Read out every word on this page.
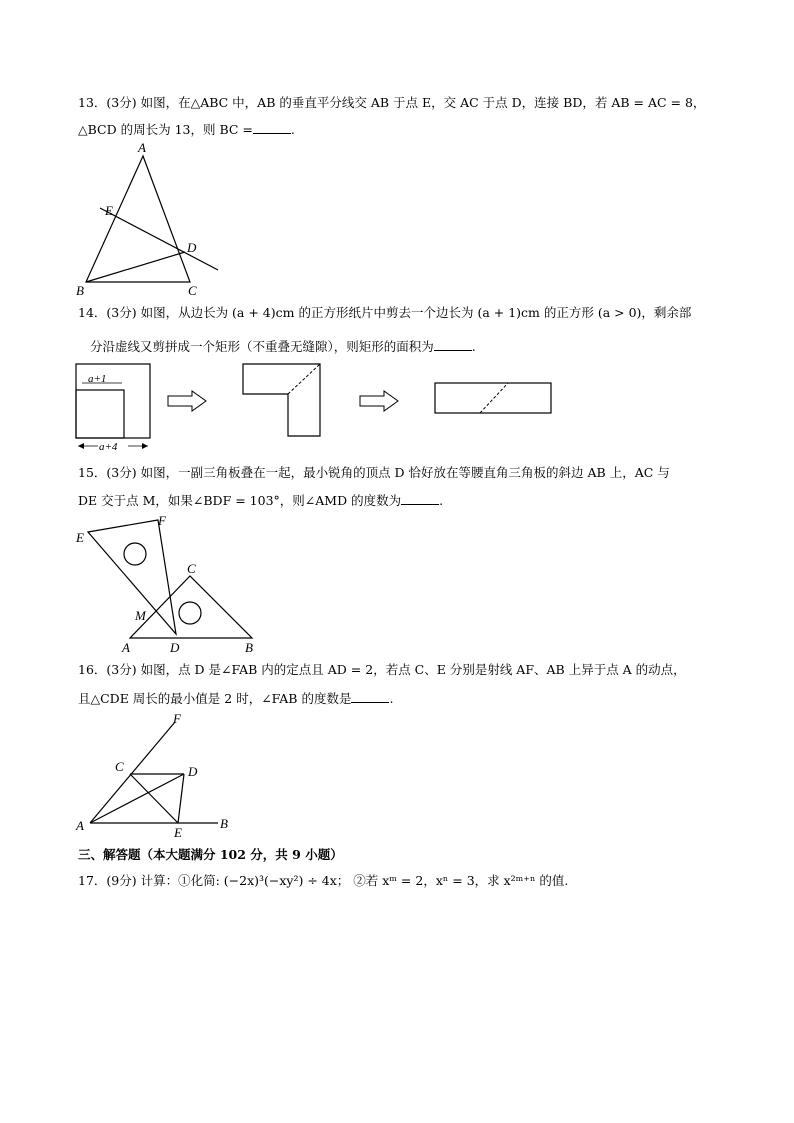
13．(3分) 如图，在△ABC 中，AB 的垂直平分线交 AB 于点 E，交 AC 于点 D，连接 BD，若 AB = AC = 8，
△BCD 的周长为 13，则 BC =	.
A
E
D
B	C
14．(3分) 如图，从边长为 (a + 4)cm 的正方形纸片中剪去一个边长为 (a + 1)cm 的正方形 (a > 0)，剩余部
分沿虚线又剪拼成一个矩形（不重叠无缝隙），则矩形的面积为	.
a+1
a+4
15．(3分) 如图，一副三角板叠在一起，最小锐角的顶点 D 恰好放在等腰直角三角板的斜边 AB 上，AC 与
DE 交于点 M，如果∠BDF = 103°，则∠AMD 的度数为	.
E
F
C
M
A	D	B
16．(3分) 如图，点 D 是∠FAB 内的定点且 AD = 2，若点 C、E 分别是射线 AF、AB 上异于点 A 的动点，
且△CDE 周长的最小值是 2 时，∠FAB 的度数是	.
F
C	D
A	E
B
三、解答题（本大题满分 102 分，共 9 小题）
17．(9分) 计算：①化简: (−2x)³(−xy²) ÷ 4x； ②若 xᵐ = 2，xⁿ = 3，求 x²ᵐ⁺ⁿ 的值.
